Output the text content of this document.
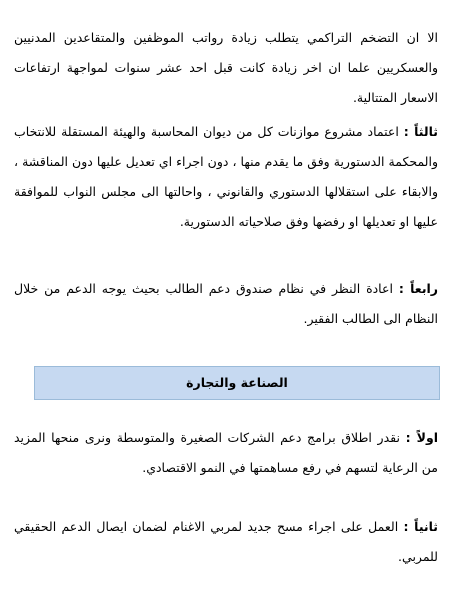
الا ان التضخم التراكمي يتطلب زيادة رواتب الموظفين والمتقاعدين المدنيين والعسكريين علما ان اخر زيادة كانت قبل احد عشر سنوات لمواجهة ارتفاعات الاسعار المتتالية.

ثالثاً : اعتماد مشروع موازنات كل من ديوان المحاسبة والهيئة المستقلة للانتخاب والمحكمة الدستورية وفق ما يقدم منها ، دون اجراء اي تعديل عليها دون المناقشة ، والابقاء على استقلالها الدستوري والقانوني ، واحالتها الى مجلس النواب للموافقة عليها او تعديلها او رفضها وفق صلاحياته الدستورية.

رابعاً : اعادة النظر في نظام صندوق دعم الطالب بحيث يوجه الدعم من خلال النظام الى الطالب الفقير.

الصناعة والتجارة

اولاً : نقدر اطلاق برامج دعم الشركات الصغيرة والمتوسطة ونرى منحها المزيد من الرعاية لتسهم في رفع مساهمتها في النمو الاقتصادي.

ثانياً : العمل على اجراء مسح جديد لمربي الاغنام لضمان ايصال الدعم الحقيقي للمربي.
